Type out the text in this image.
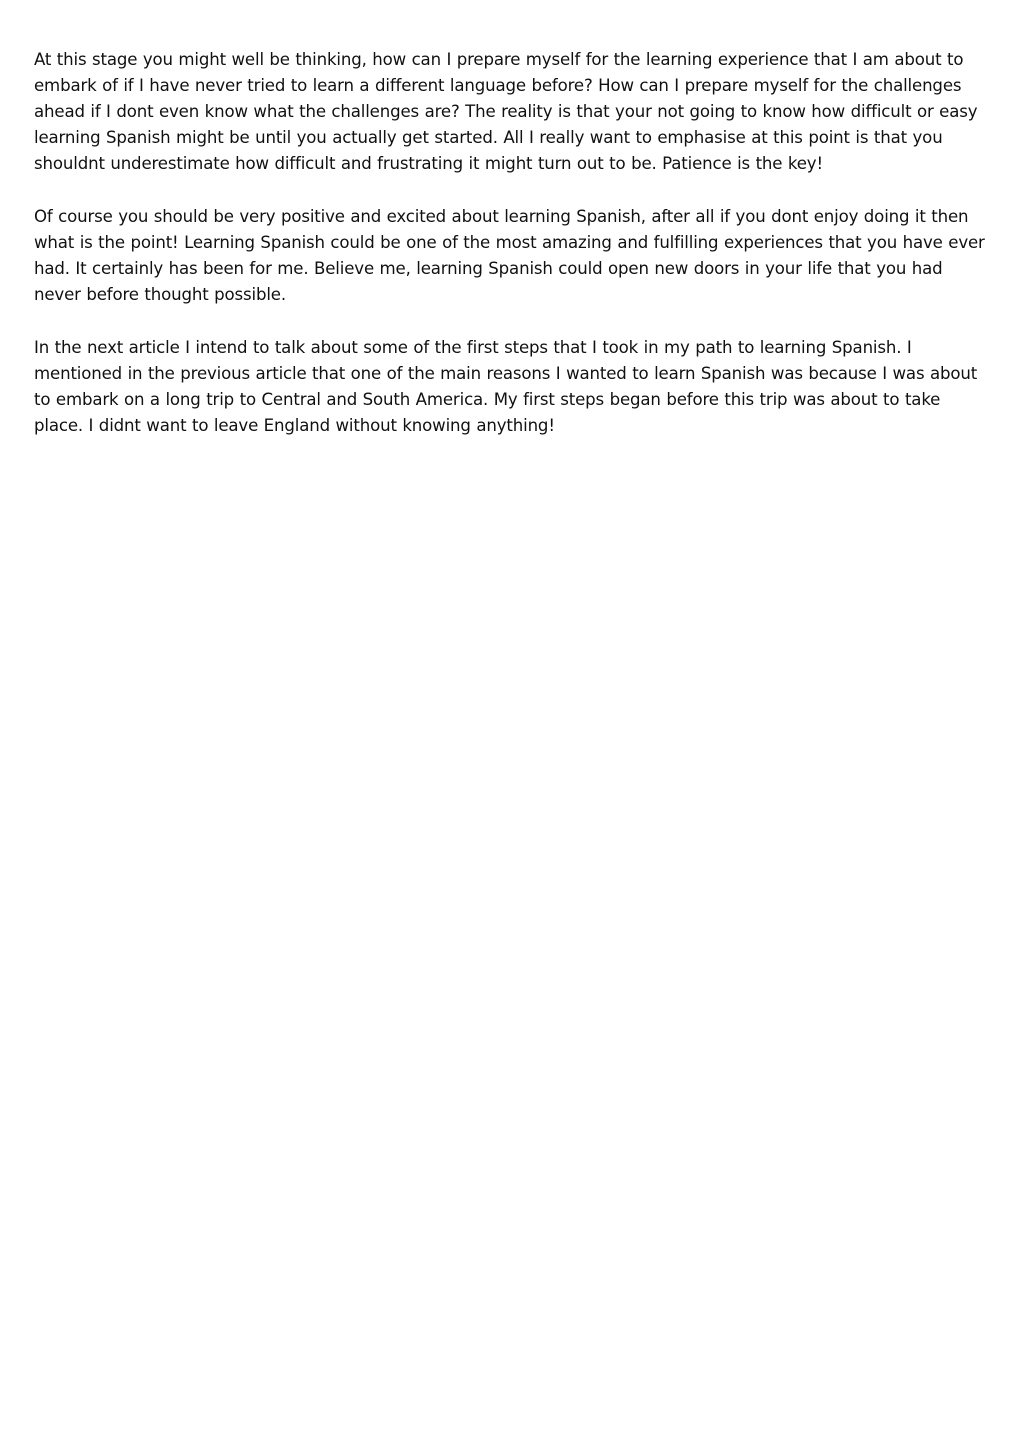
At this stage you might well be thinking, how can I prepare myself for the learning experience that I am about to embark of if I have never tried to learn a different language before? How can I prepare myself for the challenges ahead if I dont even know what the challenges are? The reality is that your not going to know how difficult or easy learning Spanish might be until you actually get started. All I really want to emphasise at this point is that you shouldnt underestimate how difficult and frustrating it might turn out to be. Patience is the key!

Of course you should be very positive and excited about learning Spanish, after all if you dont enjoy doing it then what is the point! Learning Spanish could be one of the most amazing and fulfilling experiences that you have ever had. It certainly has been for me. Believe me, learning Spanish could open new doors in your life that you had never before thought possible.

In the next article I intend to talk about some of the first steps that I took in my path to learning Spanish. I mentioned in the previous article that one of the main reasons I wanted to learn Spanish was because I was about to embark on a long trip to Central and South America. My first steps began before this trip was about to take place. I didnt want to leave England without knowing anything!
